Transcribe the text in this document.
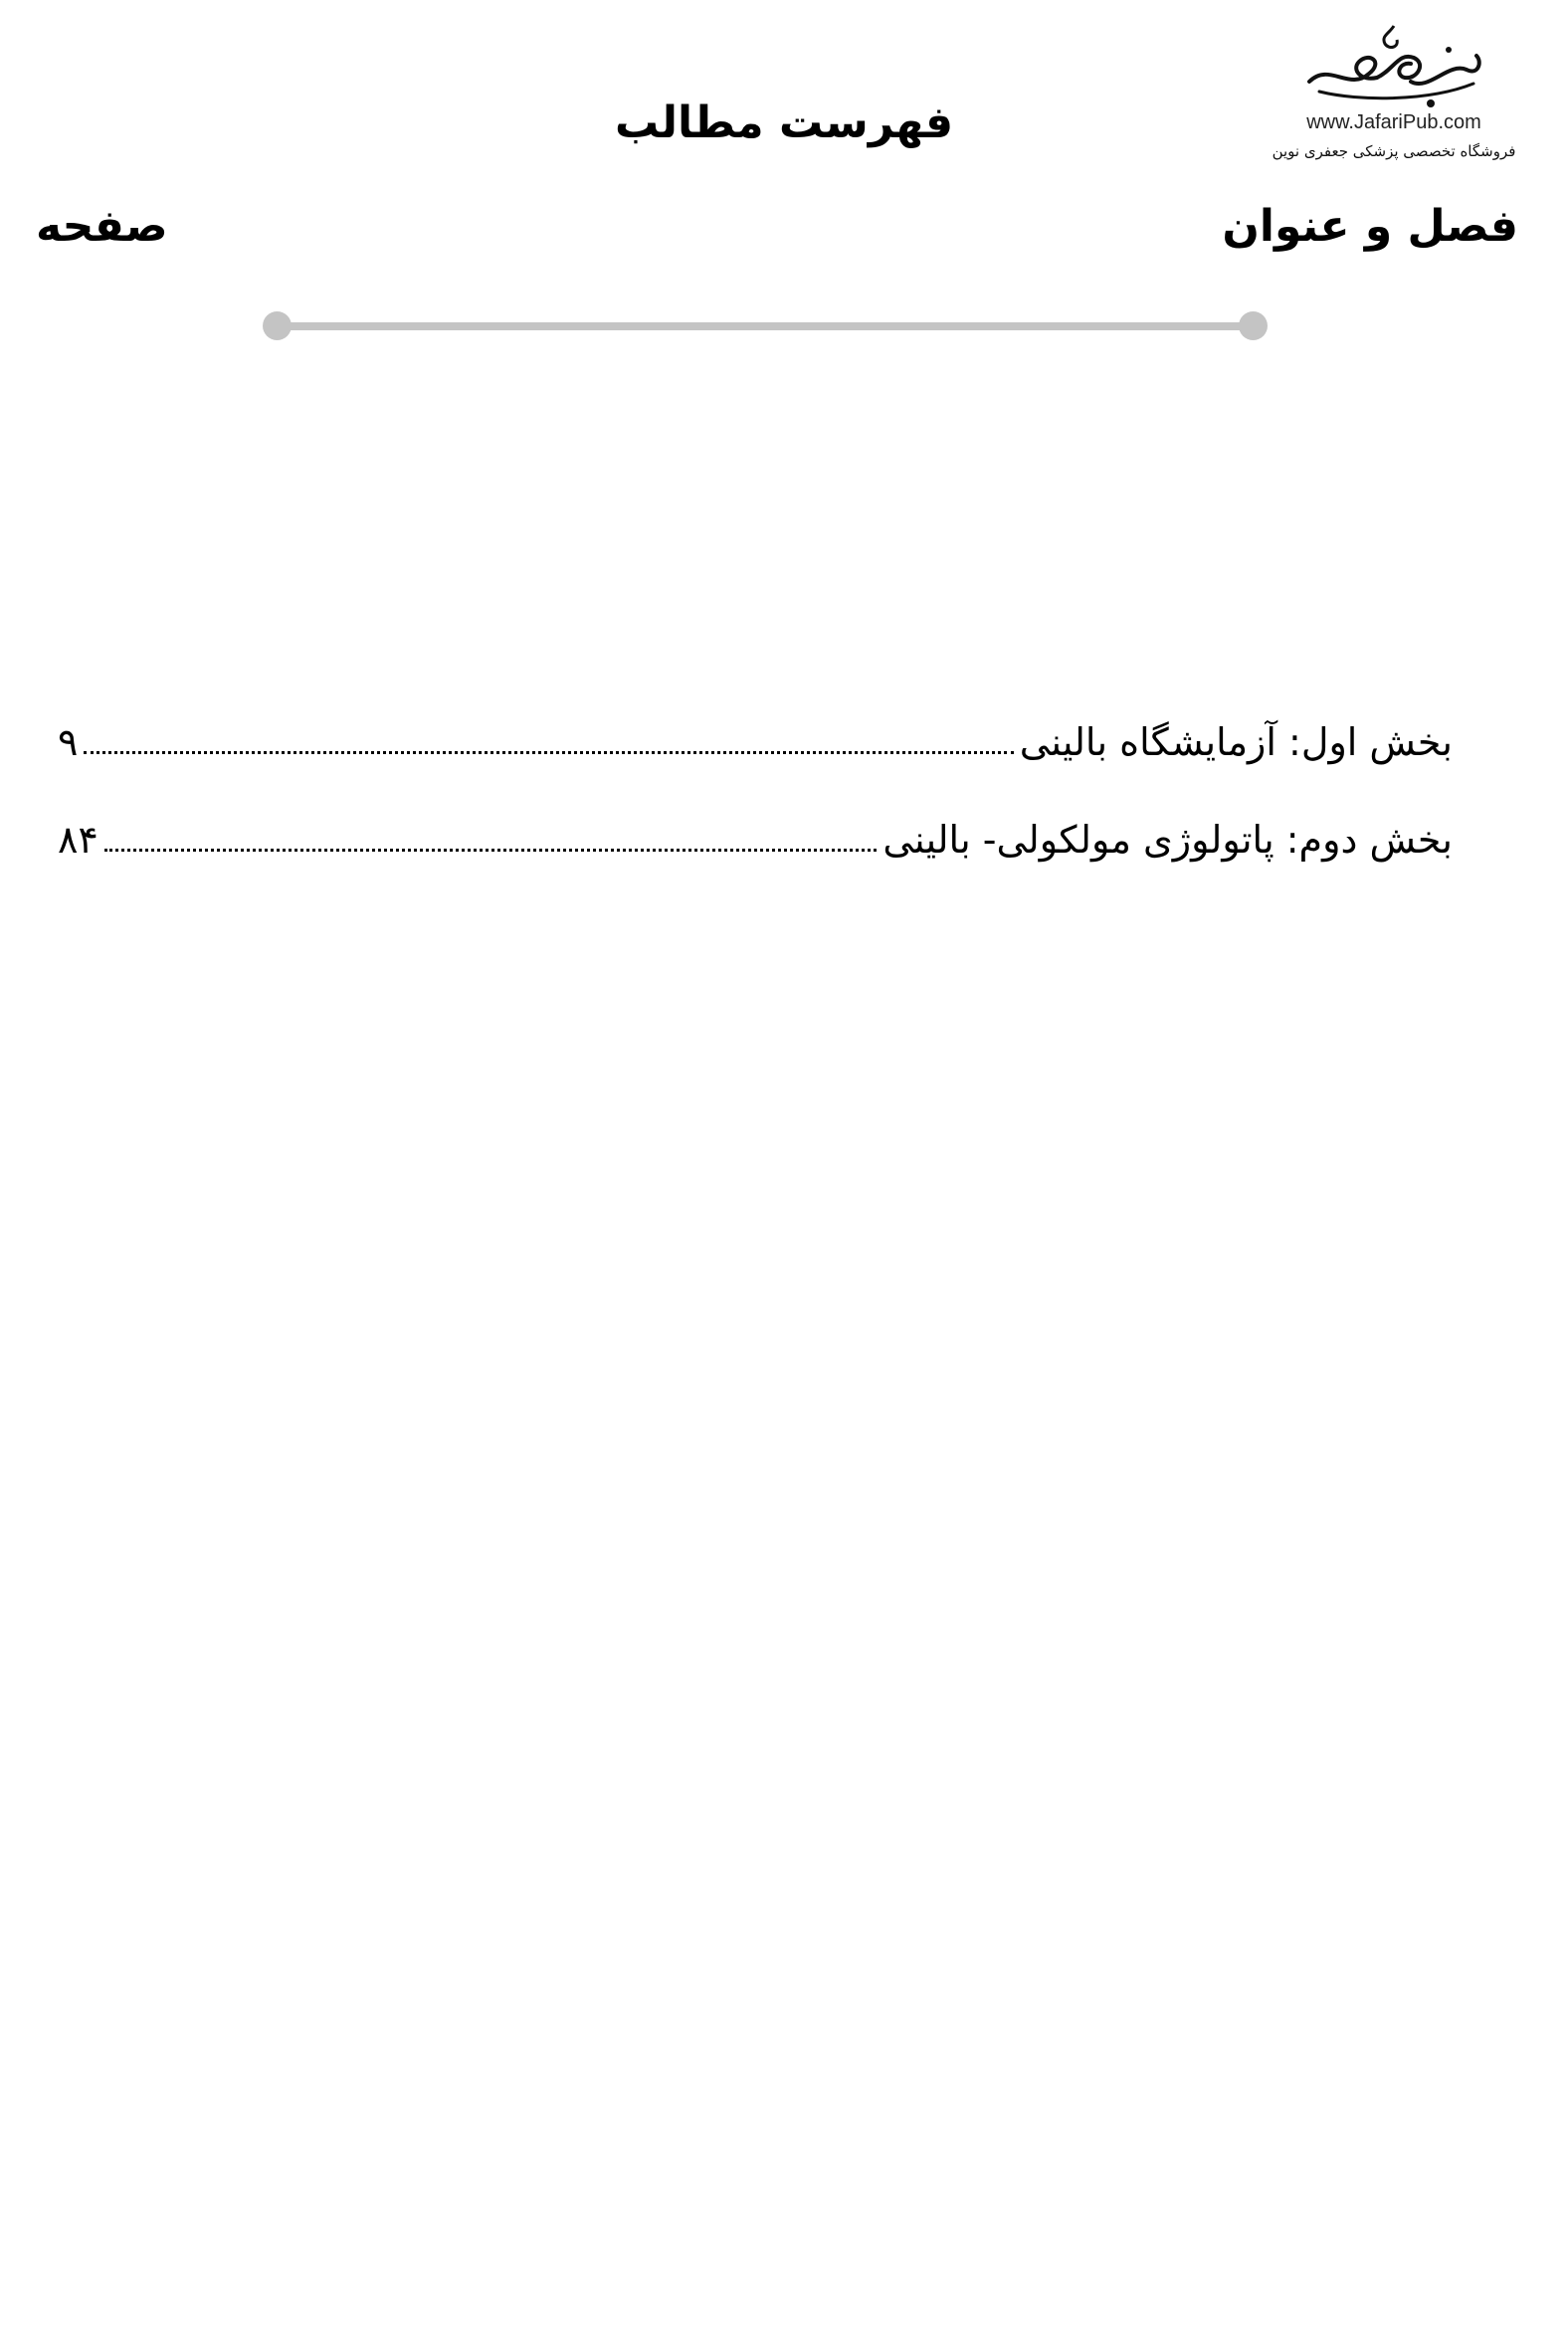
www.JafariPub.com
فروشگاه تخصصی پزشکی جعفری نوین
فهرست مطالب
فصل و عنوان
صفحه
بخش اول: آزمایشگاه بالینی
۹
بخش دوم: پاتولوژی مولکولی- بالینی
۸۴
